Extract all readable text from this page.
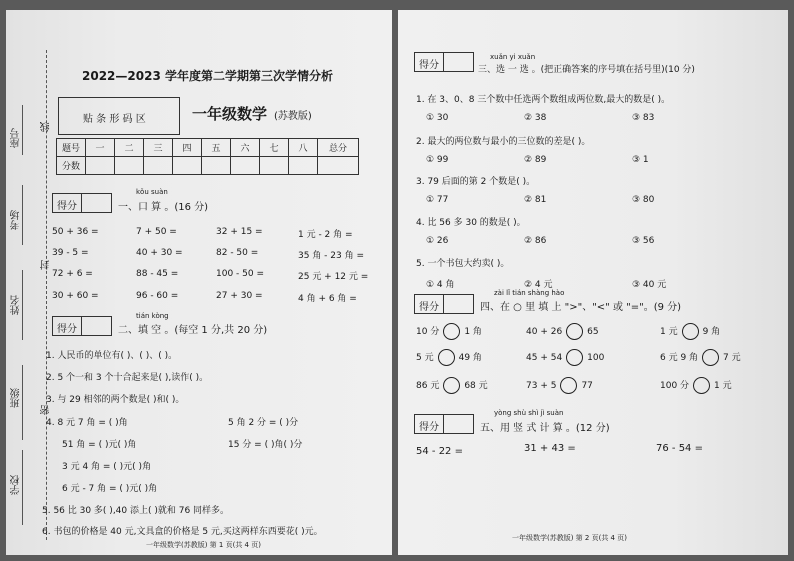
座号
考场
姓名
班级
学校
线
封
密
2022—2023 学年度第二学期第三次学情分析
贴 条 形 码 区	一年级数学 (苏教版)
题号	一	二	三	四	五	六	七	八	总分
分数									
得分
kǒu suàn
一、口 算 。(16 分)
50 + 36 =	7 + 50 =	32 + 15 =	1 元 - 2 角 =
39 - 5 =	40 + 30 =	82 - 50 =	35 角 - 23 角 =
72 + 6 =	88 - 45 =	100 - 50 =	25 元 + 12 元 =
30 + 60 =	96 - 60 =	27 + 30 =	4 角 + 6 角 =
得分
tián kòng
二、填 空 。(每空 1 分,共 20 分)
1. 人民币的单位有( )、( )、( )。
2. 5 个一和 3 个十合起来是( ),读作( )。
3. 与 29 相邻的两个数是( )和( )。
4. 8 元 7 角 = ( )角	5 角 2 分 = ( )分
51 角 = ( )元( )角	15 分 = ( )角( )分
3 元 4 角 = ( )元( )角
6 元 - 7 角 = ( )元( )角
5. 56 比 30 多( ),40 添上( )就和 76 同样多。
6. 书包的价格是 40 元,文具盒的价格是 5 元,买这两样东西要花( )元。
一年级数学(苏教版) 第 1 页(共 4 页)
得分
xuǎn yi xuǎn
三、选 一 选 。(把正确答案的序号填在括号里)(10 分)
1. 在 3、0、8 三个数中任选两个数组成两位数,最大的数是( )。
① 30	② 38	③ 83
2. 最大的两位数与最小的三位数的差是( )。
① 99	② 89	③ 1
3. 79 后面的第 2 个数是( )。
① 77	② 81	③ 80
4. 比 56 多 30 的数是( )。
① 26	② 86	③ 56
5. 一个书包大约卖( )。
① 4 角	② 4 元	③ 40 元
得分
zài lǐ tián shàng hào
四、在 ○ 里 填 上 ">"、"<" 或 "="。(9 分)
10 分	1 角	40 + 26	65	1 元	9 角
5 元	49 角	45 + 54	100	6 元 9 角	7 元
86 元	68 元	73 + 5	77	100 分	1 元
得分
yòng shù shì jì suàn
五、用 竖 式 计 算 。(12 分)
54 - 22 =	31 + 43 =	76 - 54 =
一年级数学(苏教版) 第 2 页(共 4 页)
